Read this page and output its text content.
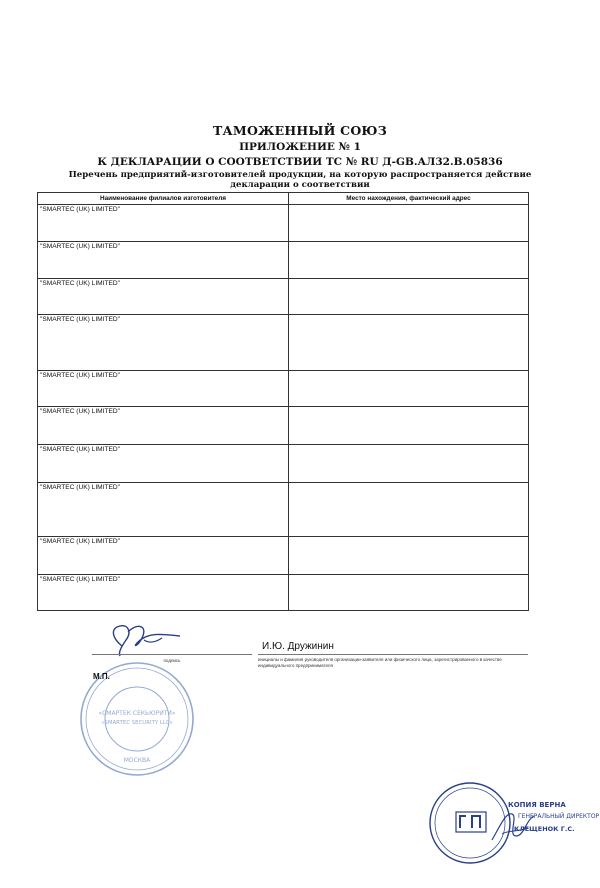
ТАМОЖЕННЫЙ СОЮЗ
ПРИЛОЖЕНИЕ № 1
К ДЕКЛАРАЦИИ О СООТВЕТСТВИИ ТС № RU Д-GB.АЛ32.В.05836
Перечень предприятий-изготовителей продукции, на которую распространяется действие декларации о соответствии
Наименование филиалов изготовителя	Место нахождения, фактический адрес
"SMARTEC (UK) LIMITED"	
"SMARTEC (UK) LIMITED"	
"SMARTEC (UK) LIMITED"	
"SMARTEC (UK) LIMITED"	
"SMARTEC (UK) LIMITED"	
"SMARTEC (UK) LIMITED"	
"SMARTEC (UK) LIMITED"	
"SMARTEC (UK) LIMITED"	
"SMARTEC (UK) LIMITED"	
"SMARTEC (UK) LIMITED"	
подпись
И.Ю. Дружинин
инициалы и фамилия руководителя организации-заявителя или физического лица, зарегистрированного в качестве индивидуального предпринимателя
«СМАРТЕК СЕКЬЮРИТИ»
«SMARTEC SECURITY LLC»
МОСКВА
М.П.
КОПИЯ ВЕРНА
ГЕНЕРАЛЬНЫЙ ДИРЕКТОР
КЛЕЩЕНОК Г.С.
